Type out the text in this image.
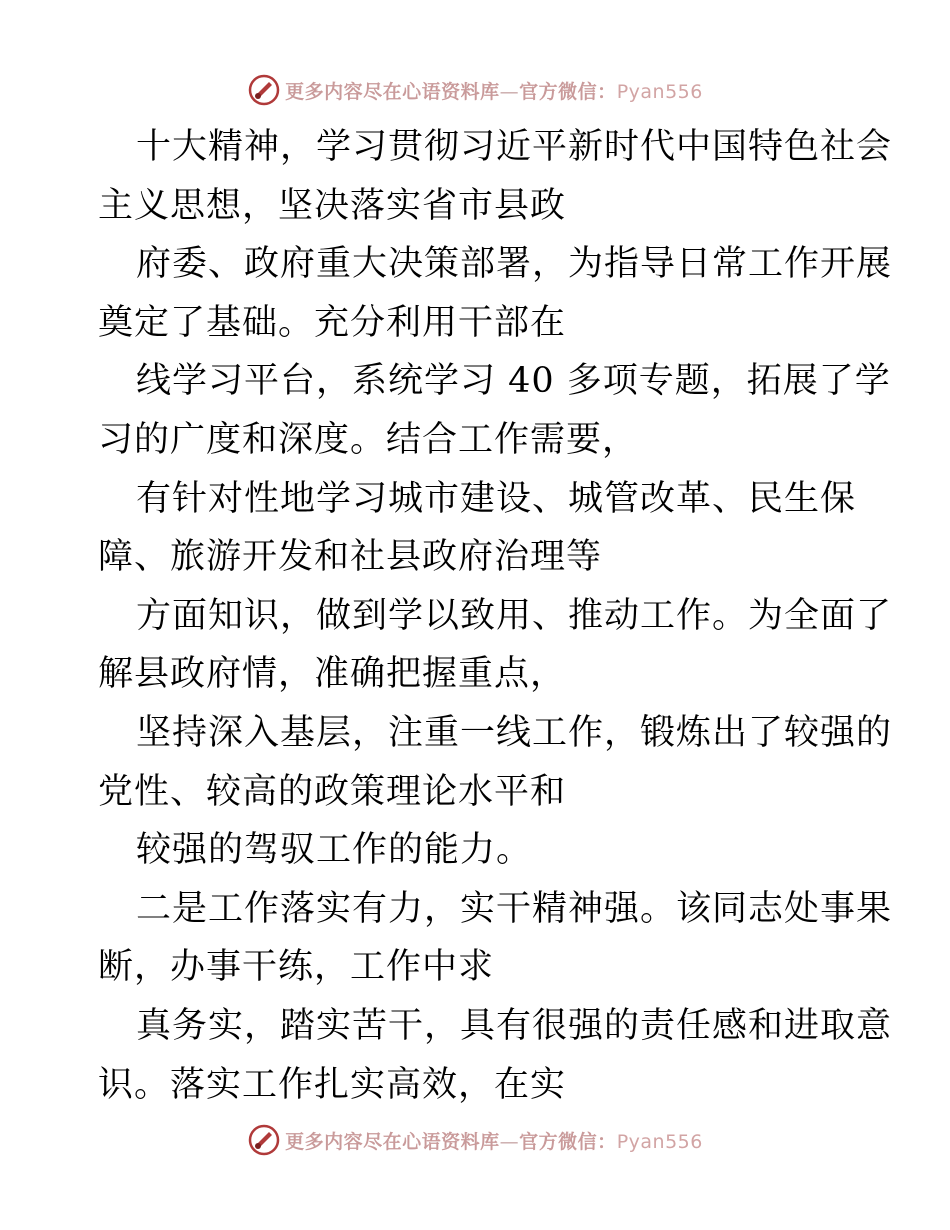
更多内容尽在心语资料库—官方微信：Pyan556
十大精神，学习贯彻习近平新时代中国特色社会
主义思想，坚决落实省市县政
府委、政府重大决策部署，为指导日常工作开展
奠定了基础。充分利用干部在
线学习平台，系统学习 40 多项专题，拓展了学
习的广度和深度。结合工作需要，
有针对性地学习城市建设、城管改革、民生保
障、旅游开发和社县政府治理等
方面知识，做到学以致用、推动工作。为全面了
解县政府情，准确把握重点，
坚持深入基层，注重一线工作，锻炼出了较强的
党性、较高的政策理论水平和
较强的驾驭工作的能力。
二是工作落实有力，实干精神强。该同志处事果
断，办事干练，工作中求
真务实，踏实苦干，具有很强的责任感和进取意
识。落实工作扎实高效，在实
更多内容尽在心语资料库—官方微信：Pyan556
